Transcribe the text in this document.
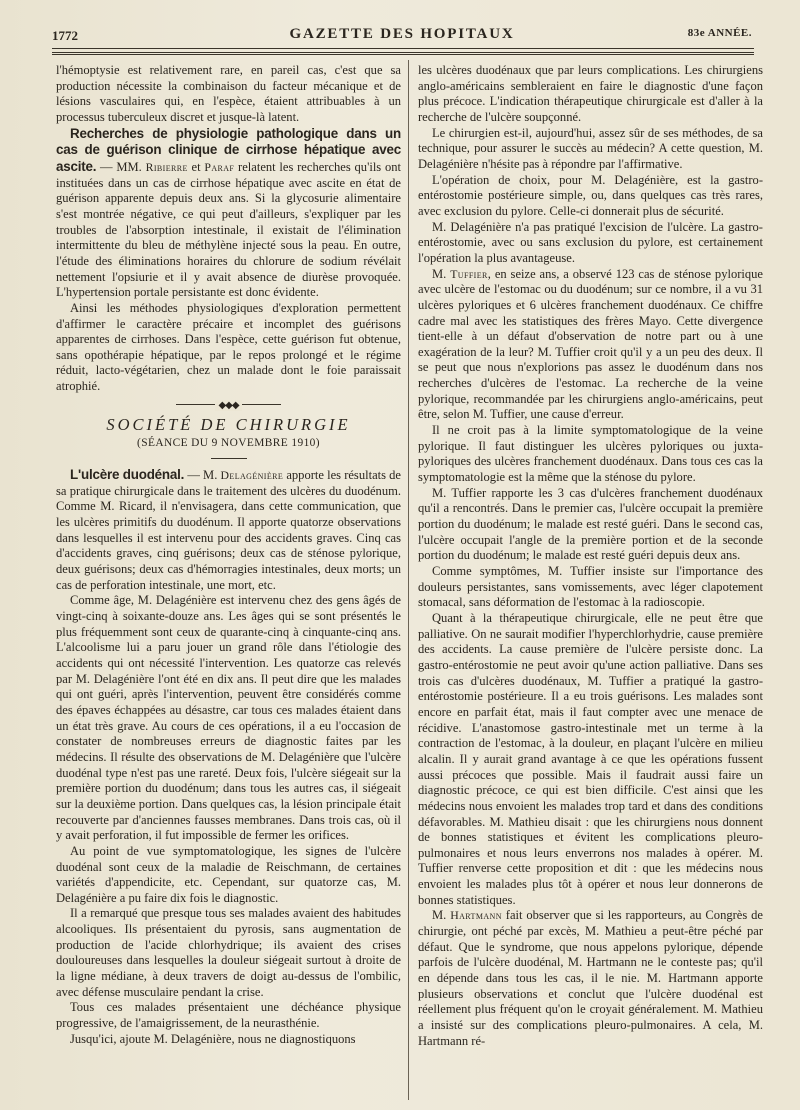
1772	GAZETTE DES HOPITAUX	83e ANNÉE.

l'hémoptysie est relativement rare, en pareil cas, c'est que sa production nécessite la combinaison du facteur mécanique et de lésions vasculaires qui, en l'espèce, étaient attribuables à un processus tuberculeux discret et jusque-là latent.

Recherches de physiologie pathologique dans un cas de guérison clinique de cirrhose hépatique avec ascite. — MM. Ribierre et Paraf relatent les recherches qu'ils ont instituées dans un cas de cirrhose hépatique avec ascite en état de guérison apparente depuis deux ans. Si la glycosurie alimentaire s'est montrée négative, ce qui peut d'ailleurs, s'expliquer par les troubles de l'absorption intestinale, il existait de l'élimination intermittente du bleu de méthylène injecté sous la peau. En outre, l'étude des éliminations horaires du chlorure de sodium révélait nettement l'opsiurie et il y avait absence de diurèse provoquée. L'hypertension portale persistante est donc évidente.

Ainsi les méthodes physiologiques d'exploration permettent d'affirmer le caractère précaire et incomplet des guérisons apparentes de cirrhoses. Dans l'espèce, cette guérison fut obtenue, sans opothérapie hépatique, par le repos prolongé et le régime réduit, lacto-végétarien, chez un malade dont le foie paraissait atrophié.

◆◆◆
SOCIÉTÉ DE CHIRURGIE
(SÉANCE DU 9 NOVEMBRE 1910)

L'ulcère duodénal. — M. Delagénière apporte les résultats de sa pratique chirurgicale dans le traitement des ulcères du duodénum. Comme M. Ricard, il n'envisagera, dans cette communication, que les ulcères primitifs du duodénum. Il apporte quatorze observations dans lesquelles il est intervenu pour des accidents graves. Cinq cas d'accidents graves, cinq guérisons; deux cas de sténose pylorique, deux guérisons; deux cas d'hémorragies intestinales, deux morts; un cas de perforation intestinale, une mort, etc.

Comme âge, M. Delagénière est intervenu chez des gens âgés de vingt-cinq à soixante-douze ans. Les âges qui se sont présentés le plus fréquemment sont ceux de quarante-cinq à cinquante-cinq ans. L'alcoolisme lui a paru jouer un grand rôle dans l'étiologie des accidents qui ont nécessité l'intervention. Les quatorze cas relevés par M. Delagénière l'ont été en dix ans. Il peut dire que les malades qui ont guéri, après l'intervention, peuvent être considérés comme des épaves échappées au désastre, car tous ces malades étaient dans un état très grave. Au cours de ces opérations, il a eu l'occasion de constater de nombreuses erreurs de diagnostic faites par les médecins. Il résulte des observations de M. Delagénière que l'ulcère duodénal type n'est pas une rareté. Deux fois, l'ulcère siégeait sur la première portion du duodénum; dans tous les autres cas, il siégeait sur la deuxième portion. Dans quelques cas, la lésion principale était recouverte par d'anciennes fausses membranes. Dans trois cas, où il y avait perforation, il fut impossible de fermer les orifices.

Au point de vue symptomatologique, les signes de l'ulcère duodénal sont ceux de la maladie de Reischmann, de certaines variétés d'appendicite, etc. Cependant, sur quatorze cas, M. Delagénière a pu faire dix fois le diagnostic.

Il a remarqué que presque tous ses malades avaient des habitudes alcooliques. Ils présentaient du pyrosis, sans augmentation de production de l'acide chlorhydrique; ils avaient des crises douloureuses dans lesquelles la douleur siégeait surtout à droite de la ligne médiane, à deux travers de doigt au-dessus de l'ombilic, avec défense musculaire pendant la crise.

Tous ces malades présentaient une déchéance physique progressive, de l'amaigrissement, de la neurasthénie.

Jusqu'ici, ajoute M. Delagénière, nous ne diagnostiquons

les ulcères duodénaux que par leurs complications. Les chirurgiens anglo-américains sembleraient en faire le diagnostic d'une façon plus précoce. L'indication thérapeutique chirurgicale est d'aller à la recherche de l'ulcère soupçonné.

Le chirurgien est-il, aujourd'hui, assez sûr de ses méthodes, de sa technique, pour assurer le succès au médecin? A cette question, M. Delagénière n'hésite pas à répondre par l'affirmative.

L'opération de choix, pour M. Delagénière, est la gastro-entérostomie postérieure simple, ou, dans quelques cas très rares, avec exclusion du pylore. Celle-ci donnerait plus de sécurité.

M. Delagénière n'a pas pratiqué l'excision de l'ulcère. La gastro-entérostomie, avec ou sans exclusion du pylore, est certainement l'opération la plus avantageuse.

M. Tuffier, en seize ans, a observé 123 cas de sténose pylorique avec ulcère de l'estomac ou du duodénum; sur ce nombre, il a vu 31 ulcères pyloriques et 6 ulcères franchement duodénaux. Ce chiffre cadre mal avec les statistiques des frères Mayo. Cette divergence tient-elle à un défaut d'observation de notre part ou à une exagération de la leur? M. Tuffier croit qu'il y a un peu des deux. Il se peut que nous n'explorions pas assez le duodénum dans nos recherches d'ulcères de l'estomac. La recherche de la veine pylorique, recommandée par les chirurgiens anglo-américains, peut être, selon M. Tuffier, une cause d'erreur.

Il ne croit pas à la limite symptomatologique de la veine pylorique. Il faut distinguer les ulcères pyloriques ou juxta-pyloriques des ulcères franchement duodénaux. Dans tous ces cas la symptomatologie est la même que la sténose du pylore.

M. Tuffier rapporte les 3 cas d'ulcères franchement duodénaux qu'il a rencontrés. Dans le premier cas, l'ulcère occupait la première portion du duodénum; le malade est resté guéri. Dans le second cas, l'ulcère occupait l'angle de la première portion et de la seconde portion du duodénum; le malade est resté guéri depuis deux ans.

Comme symptômes, M. Tuffier insiste sur l'importance des douleurs persistantes, sans vomissements, avec léger clapotement stomacal, sans déformation de l'estomac à la radioscopie.

Quant à la thérapeutique chirurgicale, elle ne peut être que palliative. On ne saurait modifier l'hyperchlorhydrie, cause première des accidents. La cause première de l'ulcère persiste donc. La gastro-entérostomie ne peut avoir qu'une action palliative. Dans ses trois cas d'ulcères duodénaux, M. Tuffier a pratiqué la gastro-entérostomie postérieure. Il a eu trois guérisons. Les malades sont encore en parfait état, mais il faut compter avec une menace de récidive. L'anastomose gastro-intestinale met un terme à la contraction de l'estomac, à la douleur, en plaçant l'ulcère en milieu alcalin. Il y aurait grand avantage à ce que les opérations fussent aussi précoces que possible. Mais il faudrait aussi faire un diagnostic précoce, ce qui est bien difficile. C'est ainsi que les médecins nous envoient les malades trop tard et dans des conditions défavorables. M. Mathieu disait : que les chirurgiens nous donnent de bonnes statistiques et évitent les complications pleuro-pulmonaires et nous leurs enverrons nos malades à opérer. M. Tuffier renverse cette proposition et dit : que les médecins nous envoient les malades plus tôt à opérer et nous leur donnerons de bonnes statistiques.

M. Hartmann fait observer que si les rapporteurs, au Congrès de chirurgie, ont péché par excès, M. Mathieu a peut-être péché par défaut. Que le syndrome, que nous appelons pylorique, dépende parfois de l'ulcère duodénal, M. Hartmann ne le conteste pas; qu'il en dépende dans tous les cas, il le nie. M. Hartmann apporte plusieurs observations et conclut que l'ulcère duodénal est réellement plus fréquent qu'on le croyait généralement. M. Mathieu a insisté sur des complications pleuro-pulmonaires. A cela, M. Hartmann ré-
